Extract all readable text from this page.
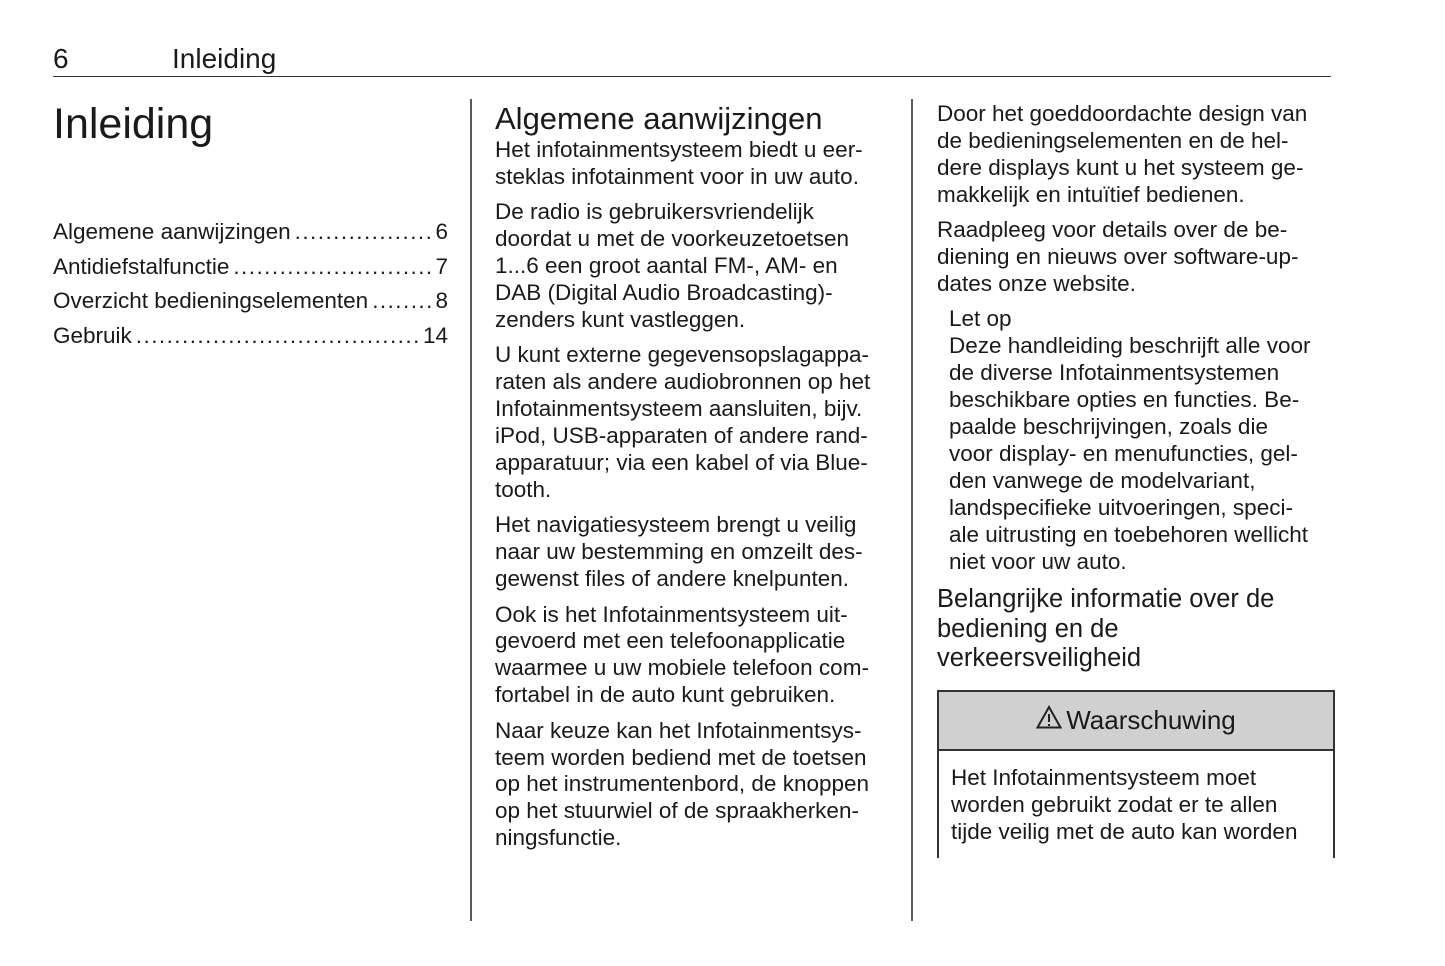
6	Inleiding
Inleiding
Algemene aanwijzingen . . .	6
Antidiefstalfunctie . . .	7
Overzicht bedieningselementen . . .	8
Gebruik . . .	14
Algemene aanwijzingen
Het infotainmentsysteem biedt u eer-
steklas infotainment voor in uw auto.
De radio is gebruikersvriendelijk
doordat u met de voorkeuzetoetsen
1...6 een groot aantal FM-, AM- en
DAB (Digital Audio Broadcasting)-
zenders kunt vastleggen.
U kunt externe gegevensopslagappa-
raten als andere audiobronnen op het
Infotainmentsysteem aansluiten, bijv.
iPod, USB-apparaten of andere rand-
apparatuur; via een kabel of via Blue-
tooth.
Het navigatiesysteem brengt u veilig
naar uw bestemming en omzeilt des-
gewenst files of andere knelpunten.
Ook is het Infotainmentsysteem uit-
gevoerd met een telefoonapplicatie
waarmee u uw mobiele telefoon com-
fortabel in de auto kunt gebruiken.
Naar keuze kan het Infotainmentsys-
teem worden bediend met de toetsen
op het instrumentenbord, de knoppen
op het stuurwiel of de spraakherken-
ningsfunctie.
Door het goeddoordachte design van
de bedieningselementen en de hel-
dere displays kunt u het systeem ge-
makkelijk en intuïtief bedienen.
Raadpleeg voor details over de be-
diening en nieuws over software-up-
dates onze website.
Let op
Deze handleiding beschrijft alle voor
de diverse Infotainmentsystemen
beschikbare opties en functies. Be-
paalde beschrijvingen, zoals die
voor display- en menufuncties, gel-
den vanwege de modelvariant,
landspecifieke uitvoeringen, speci-
ale uitrusting en toebehoren wellicht
niet voor uw auto.
Belangrijke informatie over de
bediening en de
verkeersveiligheid
Waarschuwing
Het Infotainmentsysteem moet
worden gebruikt zodat er te allen
tijde veilig met de auto kan worden
